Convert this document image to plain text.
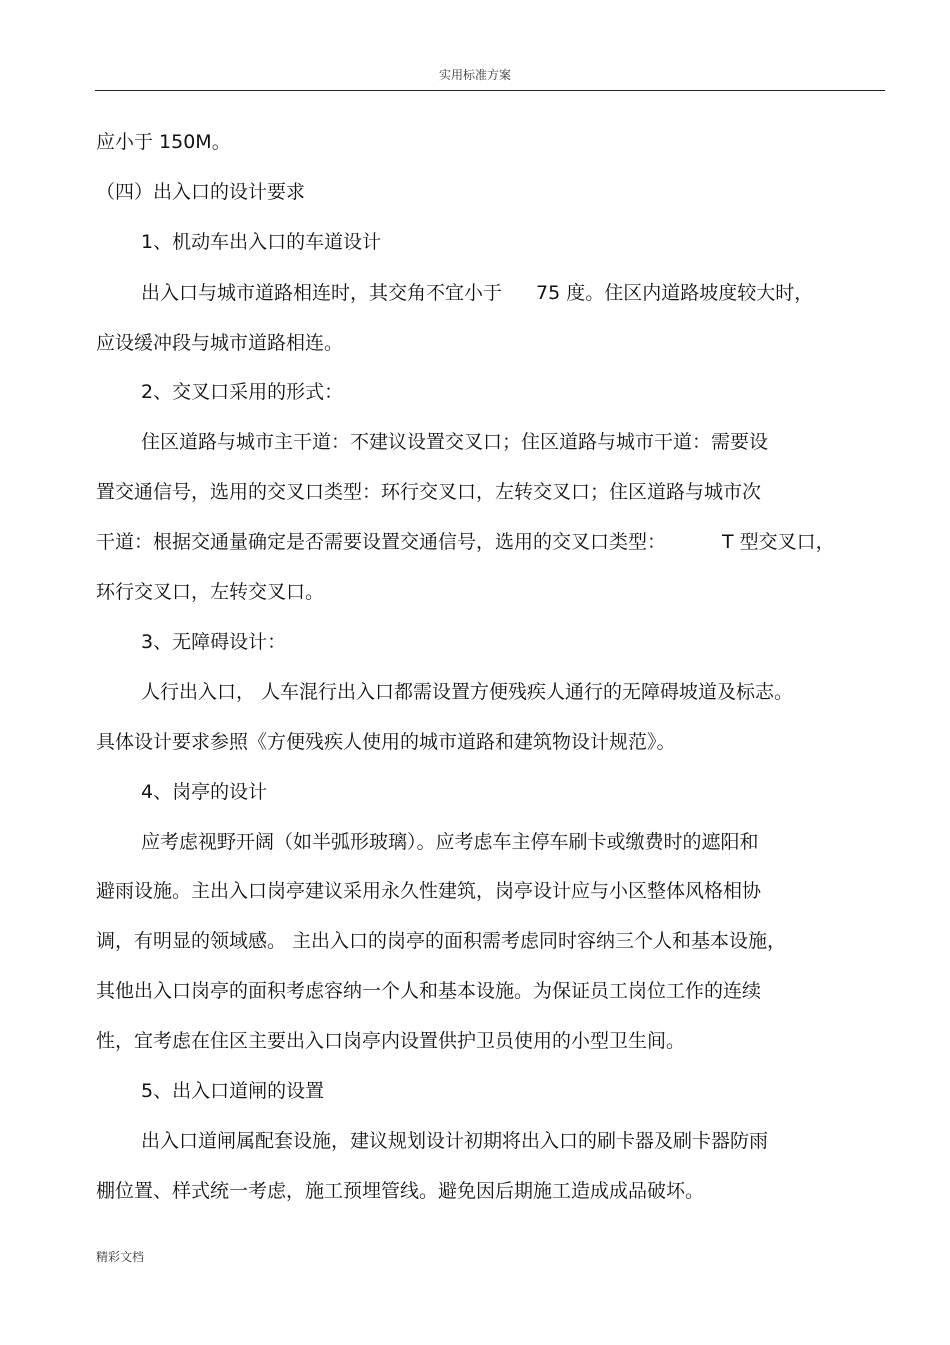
实用标准方案
应小于 150M。
（四）出入口的设计要求
1、机动车出入口的车道设计
出入口与城市道路相连时，其交角不宜小于 75 度。住区内道路坡度较大时，
应设缓冲段与城市道路相连。
2、交叉口采用的形式：
住区道路与城市主干道：不建议设置交叉口；住区道路与城市干道：需要设
置交通信号，选用的交叉口类型：环行交叉口，左转交叉口；住区道路与城市次
干道：根据交通量确定是否需要设置交通信号，选用的交叉口类型：	T 型交叉口，
环行交叉口，左转交叉口。
3、无障碍设计：
人行出入口， 人车混行出入口都需设置方便残疾人通行的无障碍坡道及标志。
具体设计要求参照《方便残疾人使用的城市道路和建筑物设计规范》。
4、岗亭的设计
应考虑视野开阔（如半弧形玻璃）。应考虑车主停车刷卡或缴费时的遮阳和
避雨设施。主出入口岗亭建议采用永久性建筑，岗亭设计应与小区整体风格相协
调，有明显的领域感。 主出入口的岗亭的面积需考虑同时容纳三个人和基本设施，
其他出入口岗亭的面积考虑容纳一个人和基本设施。为保证员工岗位工作的连续
性，宜考虑在住区主要出入口岗亭内设置供护卫员使用的小型卫生间。
5、出入口道闸的设置
出入口道闸属配套设施，建议规划设计初期将出入口的刷卡器及刷卡器防雨
棚位置、样式统一考虑，施工预埋管线。避免因后期施工造成成品破坏。
精彩文档
